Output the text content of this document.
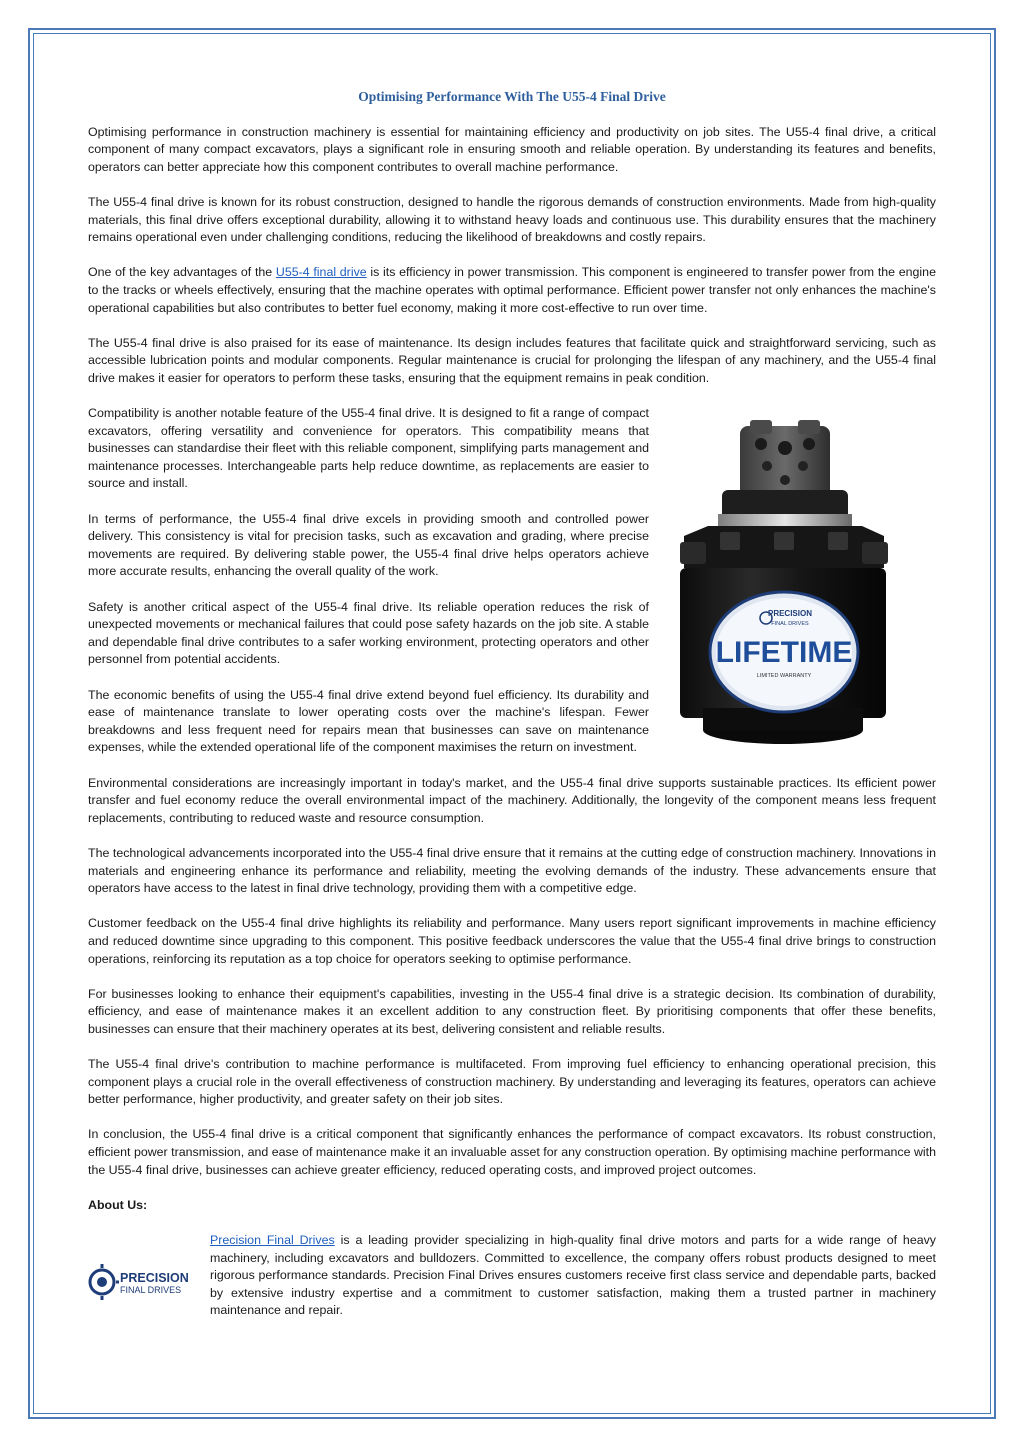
Optimising Performance With The U55-4 Final Drive

Optimising performance in construction machinery is essential for maintaining efficiency and productivity on job sites. The U55-4 final drive, a critical component of many compact excavators, plays a significant role in ensuring smooth and reliable operation. By understanding its features and benefits, operators can better appreciate how this component contributes to overall machine performance.

The U55-4 final drive is known for its robust construction, designed to handle the rigorous demands of construction environments. Made from high-quality materials, this final drive offers exceptional durability, allowing it to withstand heavy loads and continuous use. This durability ensures that the machinery remains operational even under challenging conditions, reducing the likelihood of breakdowns and costly repairs.

One of the key advantages of the U55-4 final drive is its efficiency in power transmission. This component is engineered to transfer power from the engine to the tracks or wheels effectively, ensuring that the machine operates with optimal performance. Efficient power transfer not only enhances the machine's operational capabilities but also contributes to better fuel economy, making it more cost-effective to run over time.

The U55-4 final drive is also praised for its ease of maintenance. Its design includes features that facilitate quick and straightforward servicing, such as accessible lubrication points and modular components. Regular maintenance is crucial for prolonging the lifespan of any machinery, and the U55-4 final drive makes it easier for operators to perform these tasks, ensuring that the equipment remains in peak condition.

Compatibility is another notable feature of the U55-4 final drive. It is designed to fit a range of compact excavators, offering versatility and convenience for operators. This compatibility means that businesses can standardise their fleet with this reliable component, simplifying parts management and maintenance processes. Interchangeable parts help reduce downtime, as replacements are easier to source and install.

In terms of performance, the U55-4 final drive excels in providing smooth and controlled power delivery. This consistency is vital for precision tasks, such as excavation and grading, where precise movements are required. By delivering stable power, the U55-4 final drive helps operators achieve more accurate results, enhancing the overall quality of the work.

Safety is another critical aspect of the U55-4 final drive. Its reliable operation reduces the risk of unexpected movements or mechanical failures that could pose safety hazards on the job site. A stable and dependable final drive contributes to a safer working environment, protecting operators and other personnel from potential accidents.

The economic benefits of using the U55-4 final drive extend beyond fuel efficiency. Its durability and ease of maintenance translate to lower operating costs over the machine's lifespan. Fewer breakdowns and less frequent need for repairs mean that businesses can save on maintenance expenses, while the extended operational life of the component maximises the return on investment.

PRECISION
FINAL DRIVES
LIFETIME
LIMITED WARRANTY

Environmental considerations are increasingly important in today's market, and the U55-4 final drive supports sustainable practices. Its efficient power transfer and fuel economy reduce the overall environmental impact of the machinery. Additionally, the longevity of the component means less frequent replacements, contributing to reduced waste and resource consumption.

The technological advancements incorporated into the U55-4 final drive ensure that it remains at the cutting edge of construction machinery. Innovations in materials and engineering enhance its performance and reliability, meeting the evolving demands of the industry. These advancements ensure that operators have access to the latest in final drive technology, providing them with a competitive edge.

Customer feedback on the U55-4 final drive highlights its reliability and performance. Many users report significant improvements in machine efficiency and reduced downtime since upgrading to this component. This positive feedback underscores the value that the U55-4 final drive brings to construction operations, reinforcing its reputation as a top choice for operators seeking to optimise performance.

For businesses looking to enhance their equipment's capabilities, investing in the U55-4 final drive is a strategic decision. Its combination of durability, efficiency, and ease of maintenance makes it an excellent addition to any construction fleet. By prioritising components that offer these benefits, businesses can ensure that their machinery operates at its best, delivering consistent and reliable results.

The U55-4 final drive's contribution to machine performance is multifaceted. From improving fuel efficiency to enhancing operational precision, this component plays a crucial role in the overall effectiveness of construction machinery. By understanding and leveraging its features, operators can achieve better performance, higher productivity, and greater safety on their job sites.

In conclusion, the U55-4 final drive is a critical component that significantly enhances the performance of compact excavators. Its robust construction, efficient power transmission, and ease of maintenance make it an invaluable asset for any construction operation. By optimising machine performance with the U55-4 final drive, businesses can achieve greater efficiency, reduced operating costs, and improved project outcomes.

About Us:
PRECISION
FINAL DRIVES

Precision Final Drives is a leading provider specializing in high-quality final drive motors and parts for a wide range of heavy machinery, including excavators and bulldozers. Committed to excellence, the company offers robust products designed to meet rigorous performance standards. Precision Final Drives ensures customers receive first class service and dependable parts, backed by extensive industry expertise and a commitment to customer satisfaction, making them a trusted partner in machinery maintenance and repair.
